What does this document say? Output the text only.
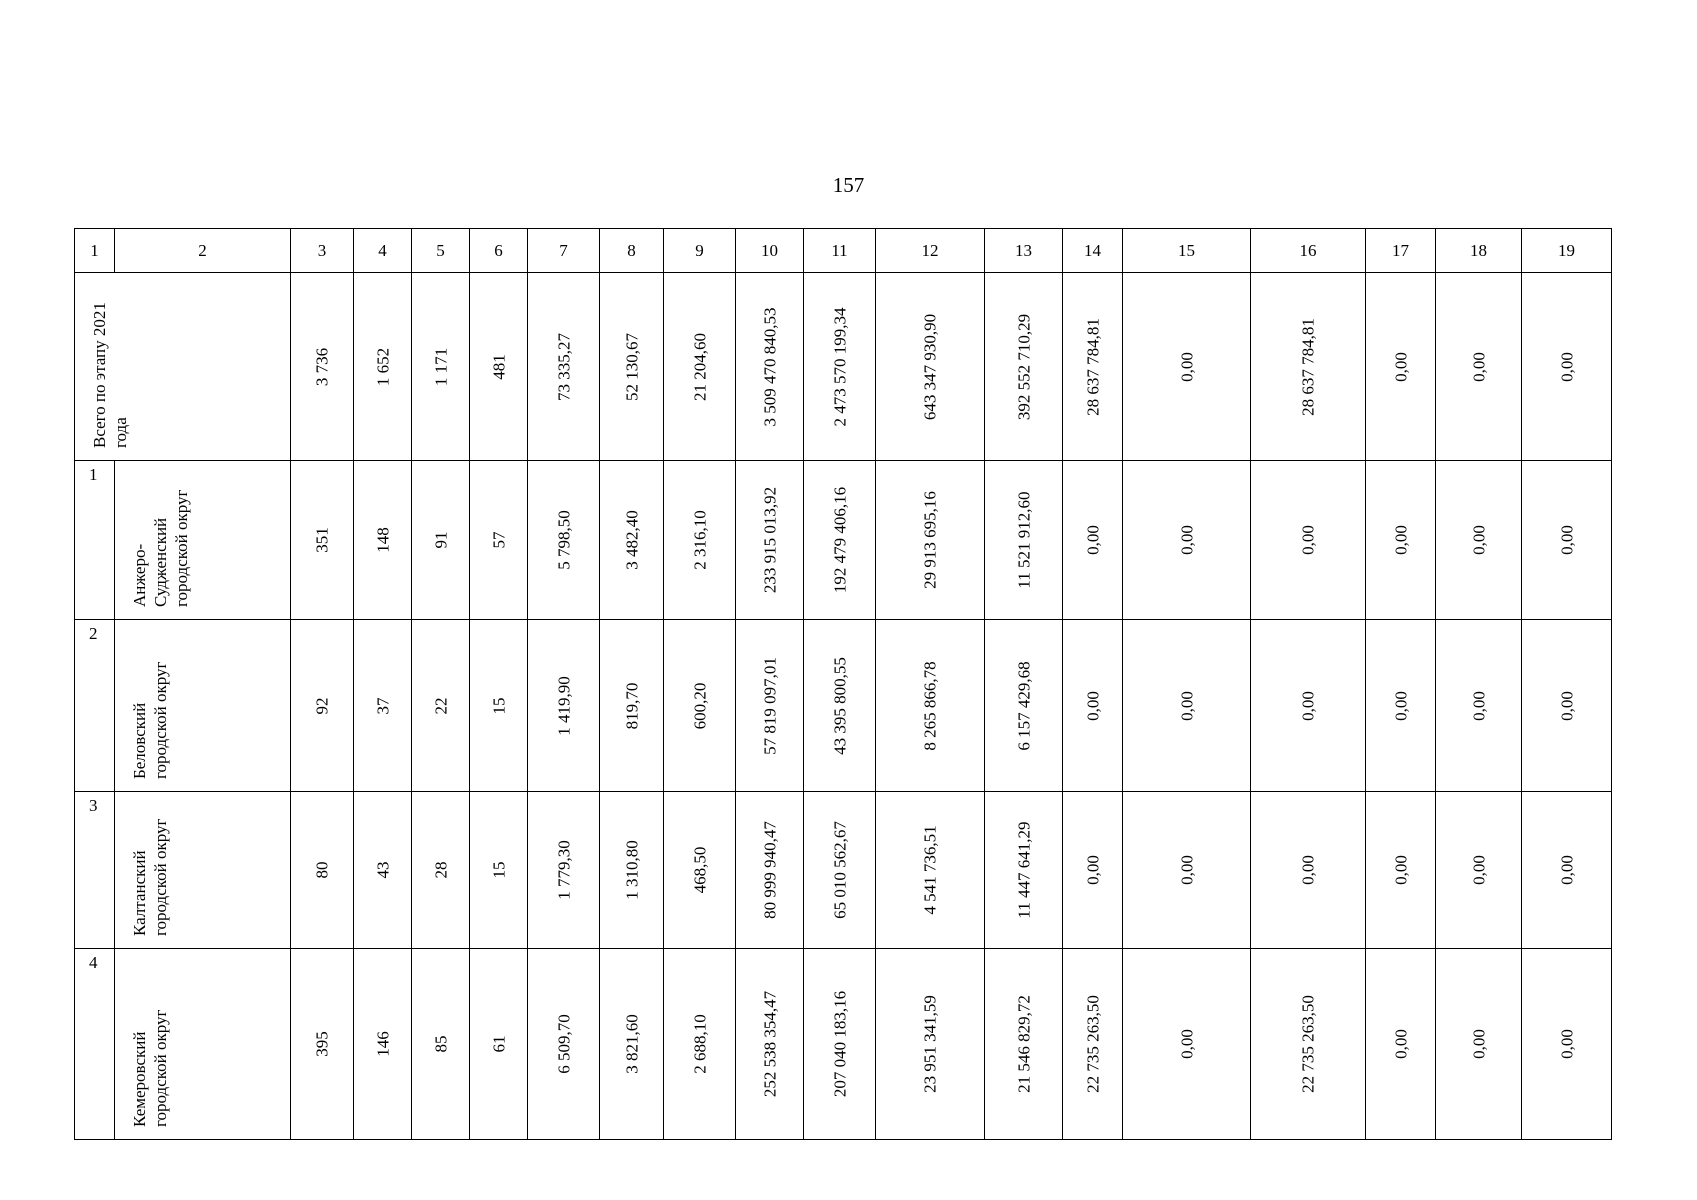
157
1	2	3	4	5	6	7	8	9	10	11	12	13	14	15	16	17	18	19

Всего по этапу 2021 года		3 736	1 652	1 171	481	73 335,27	52 130,67	21 204,60	3 509 470 840,53	2 473 570 199,34	643 347 930,90	392 552 710,29	28 637 784,81	0,00	28 637 784,81	0,00	0,00	0,00

1	Анжеро-Судженский городской округ	351	148	91	57	5 798,50	3 482,40	2 316,10	233 915 013,92	192 479 406,16	29 913 695,16	11 521 912,60	0,00	0,00	0,00	0,00	0,00	0,00

2	Беловский городской округ	92	37	22	15	1 419,90	819,70	600,20	57 819 097,01	43 395 800,55	8 265 866,78	6 157 429,68	0,00	0,00	0,00	0,00	0,00	0,00

3	Калтанский городской округ	80	43	28	15	1 779,30	1 310,80	468,50	80 999 940,47	65 010 562,67	4 541 736,51	11 447 641,29	0,00	0,00	0,00	0,00	0,00	0,00

4	Кемеровский городской округ	395	146	85	61	6 509,70	3 821,60	2 688,10	252 538 354,47	207 040 183,16	23 951 341,59	21 546 829,72	22 735 263,50	0,00	22 735 263,50	0,00	0,00	0,00
